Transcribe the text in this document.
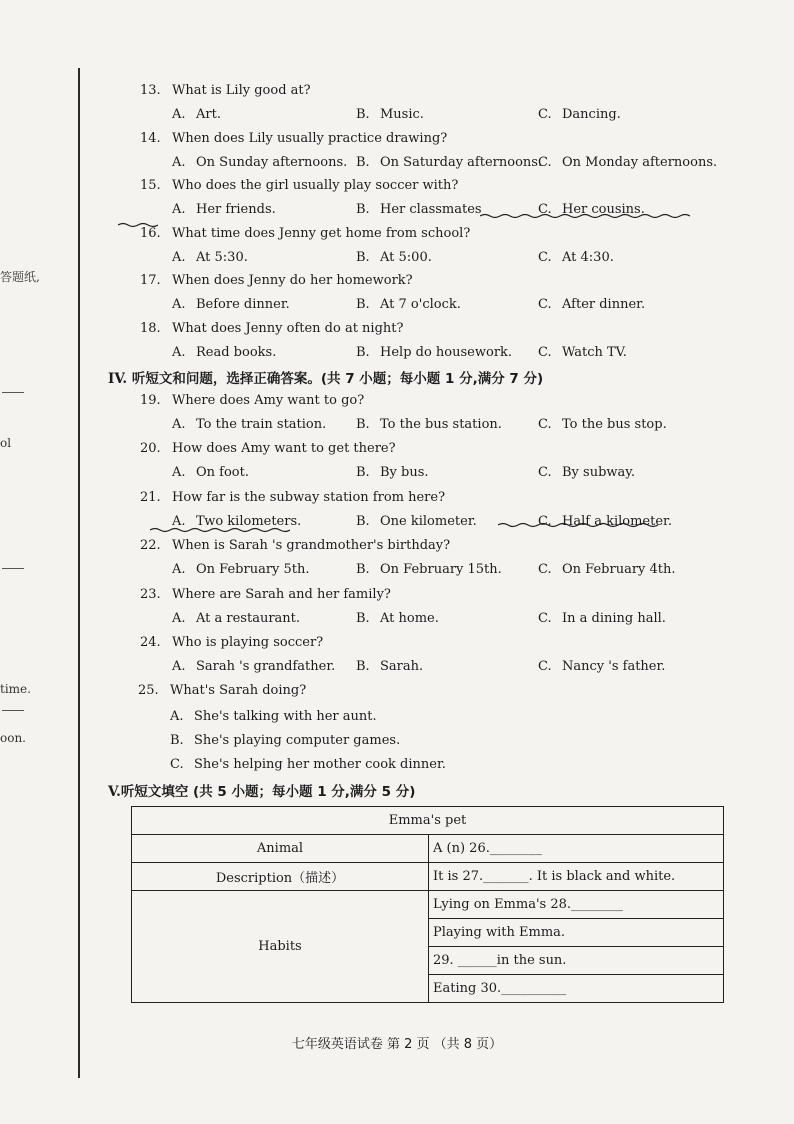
答题纸,
ol
time.
oon.
13. What is Lily good at?
A. Art.	B. Music.	C. Dancing.
14. When does Lily usually practice drawing?
A. On Sunday afternoons. B. On Saturday afternoons.
C. On Monday afternoons.
15. Who does the girl usually play soccer with?
A. Her friends.	B. Her classmates	C. Her cousins.
16. What time does Jenny get home from school?
A. At 5:30.	B. At 5:00.	C. At 4:30.
17. When does Jenny do her homework?
A. Before dinner.	B. At 7 o'clock.	C. After dinner.
18. What does Jenny often do at night?
A. Read books.	B. Help do housework. C. Watch TV.
IV. 听短文和问题，选择正确答案。(共 7 小题；每小题 1 分,满分 7 分)
19. Where does Amy want to go?
A. To the train station. B. To the bus station.	C. To the bus stop.
20. How does Amy want to get there?
A. On foot.	B. By bus.	C. By subway.
21. How far is the subway station from here?
A. Two kilometers.	B. One kilometer.	C. Half a kilometer.
22. When is Sarah 's grandmother's birthday?
A. On February 5th.	B. On February 15th.	C. On February 4th.
23. Where are Sarah and her family?
A. At a restaurant.	B. At home.	C. In a dining hall.
24. Who is playing soccer?
A. Sarah 's grandfather. B. Sarah.	C. Nancy 's father.
25. What's Sarah doing?
A. She's talking with her aunt.
B. She's playing computer games.
C. She's helping her mother cook dinner.
V.听短文填空 (共 5 小题；每小题 1 分,满分 5 分)
Emma's pet	
Animal	A (n) 26.________
Description（描述）	It is 27._______. It is black and white.
Habits	Lying on Emma's 28.________
	Playing with Emma.
	29. ______in the sun.
	Eating 30.__________
七年级英语试卷 第 2 页 （共 8 页）
